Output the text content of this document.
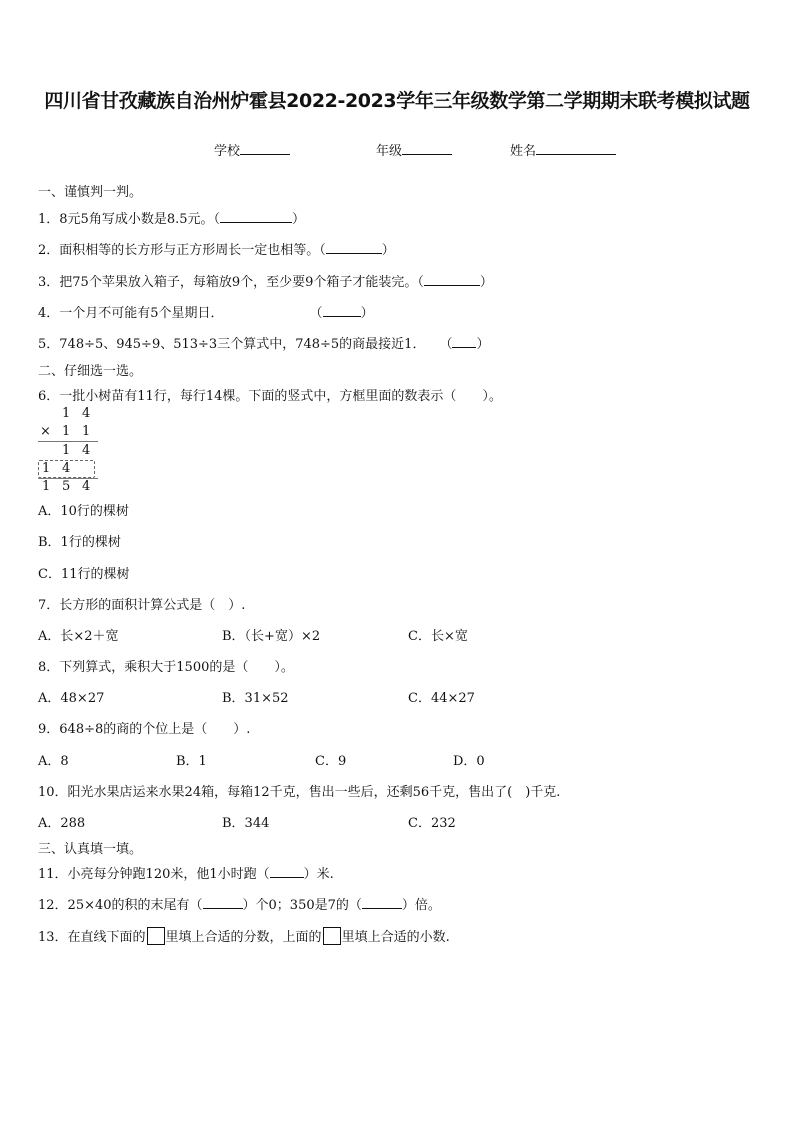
四川省甘孜藏族自治州炉霍县2022-2023学年三年级数学第二学期期末联考模拟试题
学校	年级	姓名
一、谨慎判一判。
1．8元5角写成小数是8.5元。（	）
2．面积相等的长方形与正方形周长一定也相等。（	）
3．把75个苹果放入箱子，每箱放9个，至少要9个箱子才能装完。（	）
4．一个月不可能有5个星期日．	（	）
5．748÷5、945÷9、513÷3三个算式中，748÷5的商最接近1． （ ）
二、仔细选一选。
6．一批小树苗有11行，每行14棵。下面的竖式中，方框里面的数表示（　　）。
1 4
× 1 1
1 4
1 4
1 5 4
A．10行的棵树
B．1行的棵树
C．11行的棵树
7．长方形的面积计算公式是（　）.
A．长×2＋宽	B．（长+宽）×2	C．长×宽
8．下列算式，乘积大于1500的是（　　）。
A．48×27	B．31×52	C．44×27
9．648÷8的商的个位上是（　　）.
A．8	B．1	C．9	D．0
10．阳光水果店运来水果24箱，每箱12千克，售出一些后，还剩56千克，售出了(　)千克.
A．288	B．344	C．232
三、认真填一填。
11．小亮每分钟跑120米，他1小时跑（	）米.
12．25×40的积的末尾有（	）个0；350是7的（	）倍。
13．在直线下面的 里填上合适的分数，上面的 里填上合适的小数.
